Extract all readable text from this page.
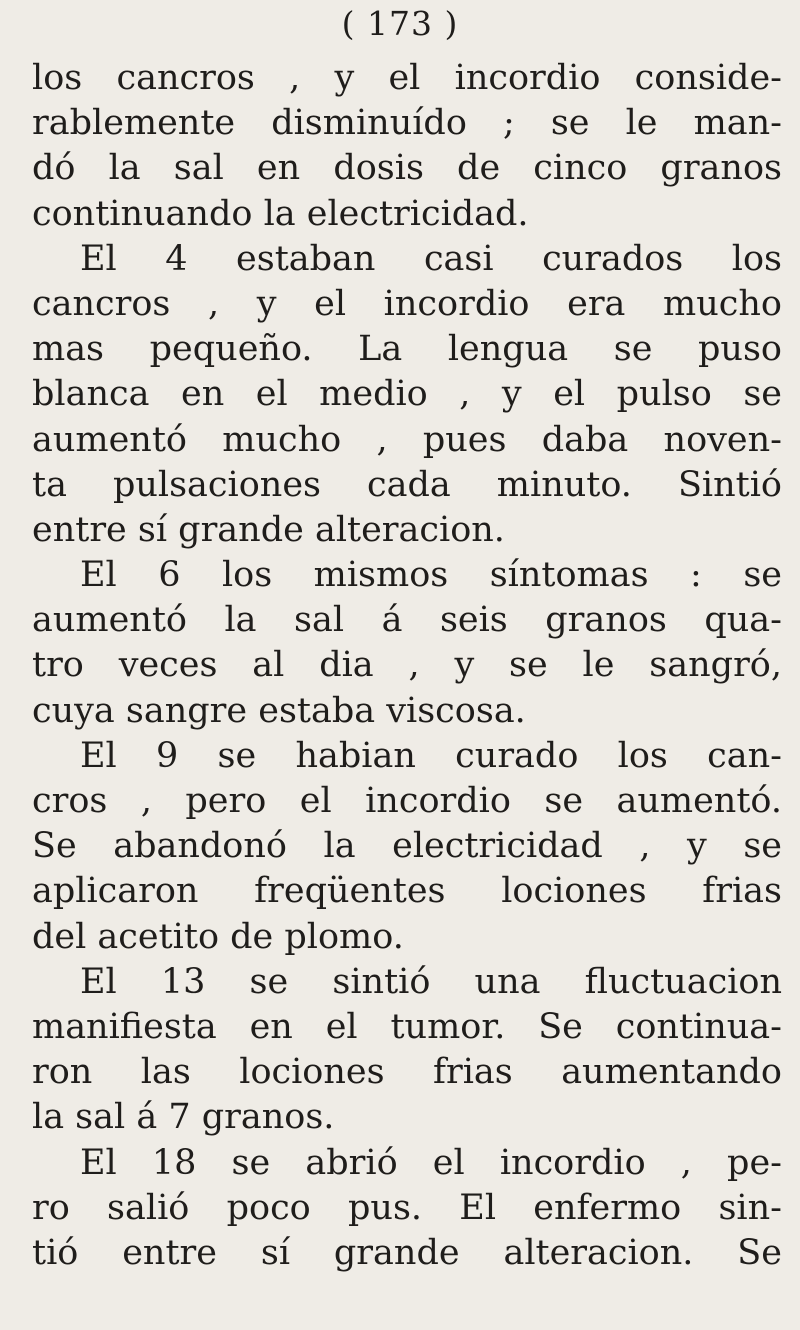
( 173 )
los cancros , y el incordio conside-
rablemente disminuído ; se le man-
dó la sal en dosis de cinco granos
continuando la electricidad.
El 4 estaban casi curados los
cancros , y el incordio era mucho
mas pequeño. La lengua se puso
blanca en el medio , y el pulso se
aumentó mucho , pues daba noven-
ta pulsaciones cada minuto. Sintió
entre sí grande alteracion.
El 6 los mismos síntomas : se
aumentó la sal á seis granos qua-
tro veces al dia , y se le sangró,
cuya sangre estaba viscosa.
El 9 se habian curado los can-
cros , pero el incordio se aumentó.
Se abandonó la electricidad , y se
aplicaron freqüentes lociones frias
del acetito de plomo.
El 13 se sintió una fluctuacion
manifiesta en el tumor. Se continua-
ron las lociones frias aumentando
la sal á 7 granos.
El 18 se abrió el incordio , pe-
ro salió poco pus. El enfermo sin-
tió entre sí grande alteracion. Se
